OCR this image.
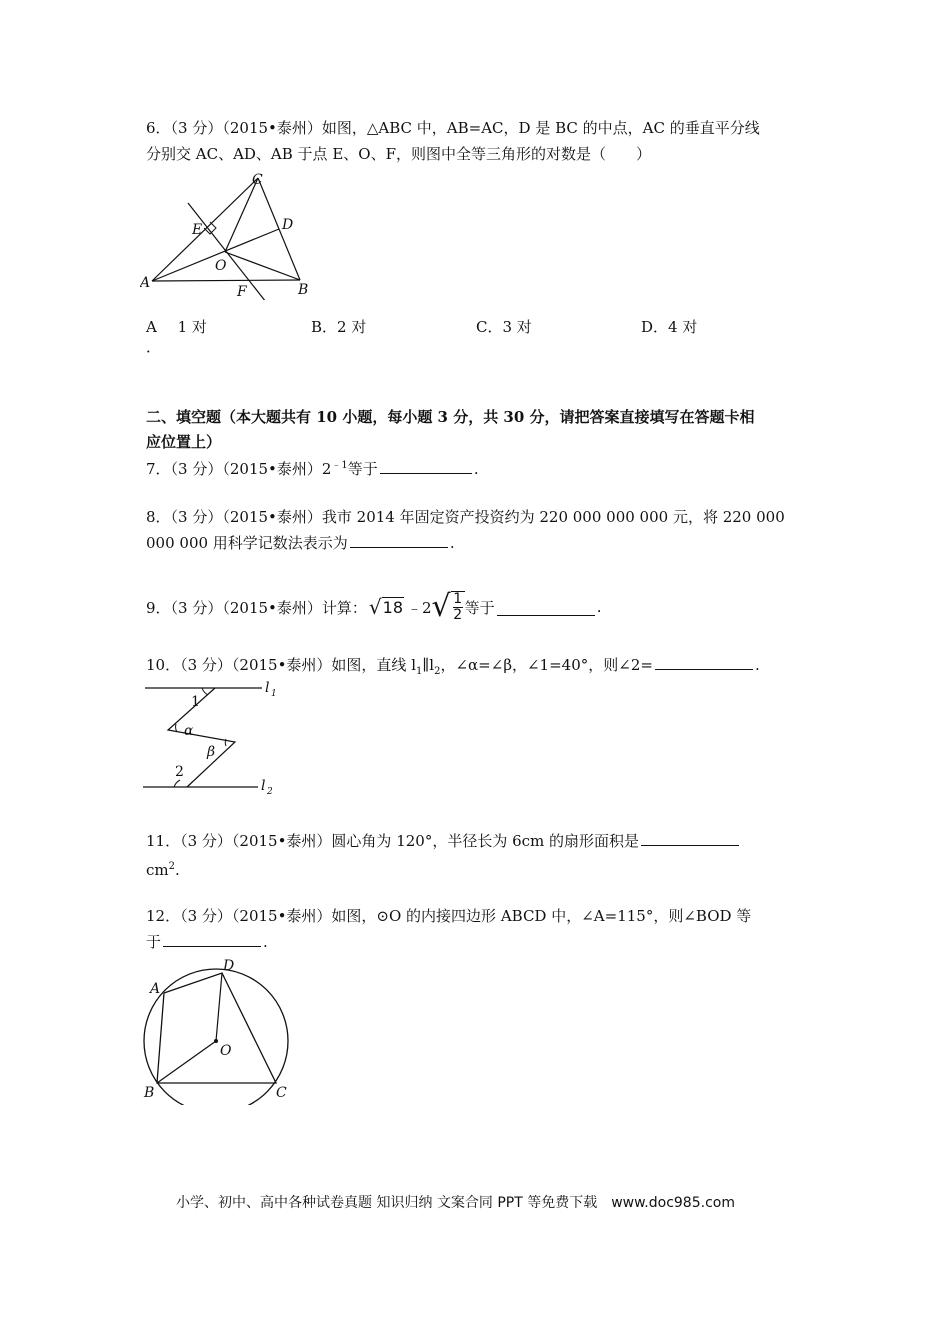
6．（3 分）（2015•泰州）如图，△ABC 中，AB=AC，D 是 BC 的中点，AC 的垂直平分线
分别交 AC、AD、AB 于点 E、O、F，则图中全等三角形的对数是（　　）
A	B
C
D
E
O
F
A 1 对
．
B．2 对	C．3 对	D．4 对
二、填空题（本大题共有 10 小题，每小题 3 分，共 30 分，请把答案直接填写在答题卡相
应位置上）
7．（3 分）（2015•泰州）$2^{﹣1}$等于	.
8．（3 分）（2015•泰州）我市 2014 年固定资产投资约为 220 000 000 000 元，将 220 000
000 000 用科学记数法表示为	.
9．（3 分）（2015•泰州）计算： √ 18 ﹣2 √ $\frac{1}{2}$ 等于	.
10．（3 分）（2015•泰州）如图，直线 $l_1\parallel l_2$，∠α=∠β，∠1=40°，则∠2=	.
l 1
l 2
1
α
β
2
11．（3 分）（2015•泰州）圆心角为 120°，半径长为 6cm 的扇形面积是
$cm^2$.
12．（3 分）（2015•泰州）如图，⊙O 的内接四边形 ABCD 中，∠A=115°，则∠BOD 等
于	.
A
B	C
D
O
小学、初中、高中各种试卷真题 知识归纳 文案合同 PPT 等免费下载　www.doc985.com
